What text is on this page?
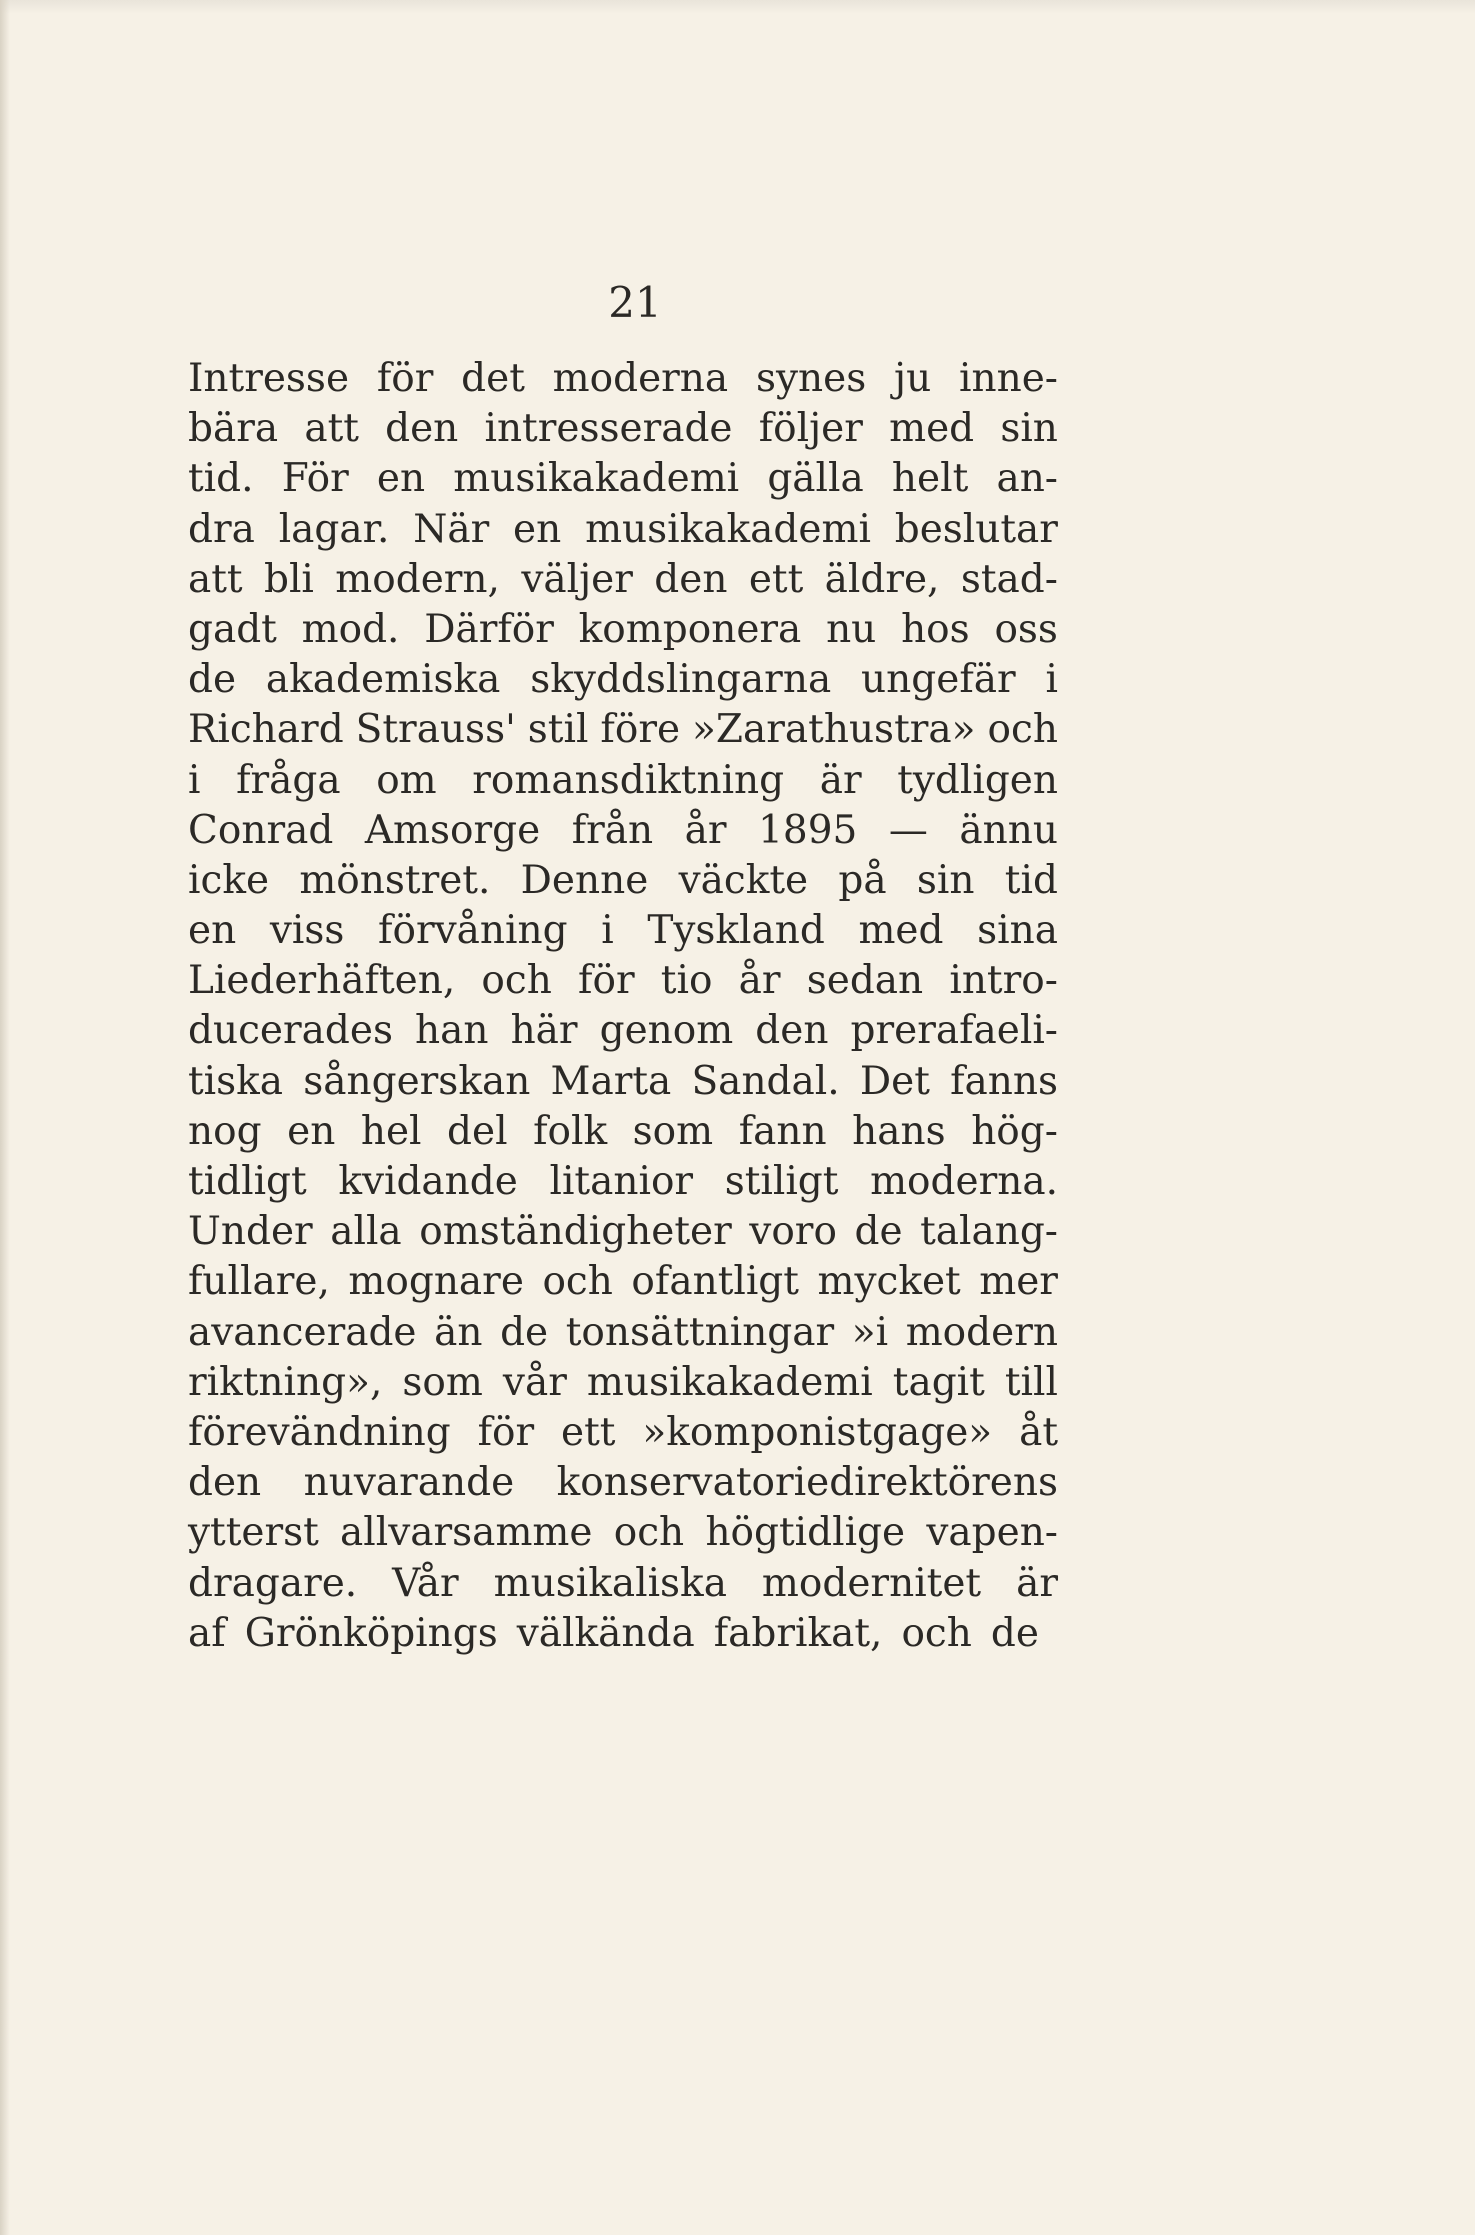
21
Intresse för det moderna synes ju inne-
bära att den intresserade följer med sin
tid. För en musikakademi gälla helt an-
dra lagar. När en musikakademi beslutar
att bli modern, väljer den ett äldre, stad-
gadt mod. Därför komponera nu hos oss
de akademiska skyddslingarna ungefär i
Richard Strauss' stil före »Zarathustra» och
i fråga om romansdiktning är tydligen
Conrad Amsorge från år 1895 — ännu
icke mönstret. Denne väckte på sin tid
en viss förvåning i Tyskland med sina
Liederhäften, och för tio år sedan intro-
ducerades han här genom den prerafaeli-
tiska sångerskan Marta Sandal. Det fanns
nog en hel del folk som fann hans hög-
tidligt kvidande litanior stiligt moderna.
Under alla omständigheter voro de talang-
fullare, mognare och ofantligt mycket mer
avancerade än de tonsättningar »i modern
riktning», som vår musikakademi tagit till
förevändning för ett »komponistgage» åt
den nuvarande konservatoriedirektörens
ytterst allvarsamme och högtidlige vapen-
dragare. Vår musikaliska modernitet är
af Grönköpings välkända fabrikat, och de
